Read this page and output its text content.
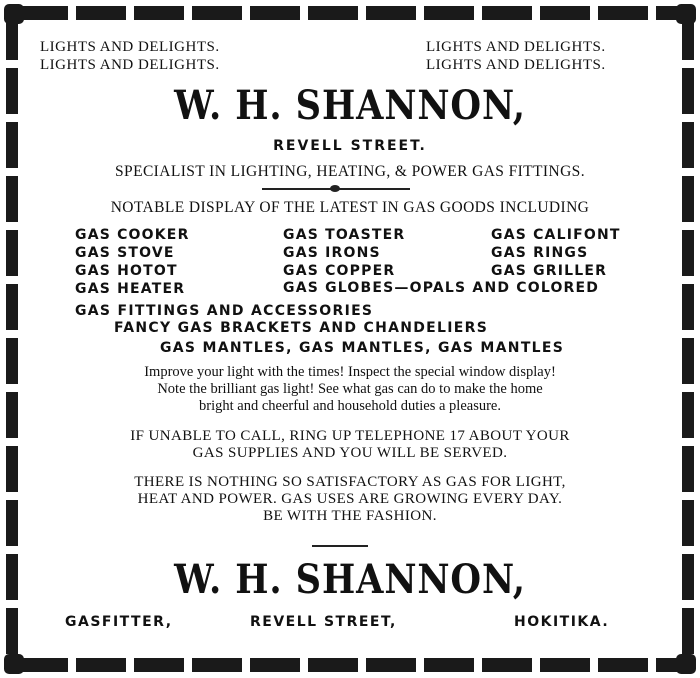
LIGHTS AND DELIGHTS.
LIGHTS AND DELIGHTS.
LIGHTS AND DELIGHTS.
LIGHTS AND DELIGHTS.
W. H. SHANNON,
REVELL STREET.
SPECIALIST IN LIGHTING, HEATING, & POWER GAS FITTINGS.
NOTABLE DISPLAY OF THE LATEST IN GAS GOODS INCLUDING
GAS COOKER
GAS STOVE
GAS HOTOT
GAS HEATER
GAS TOASTER
GAS IRONS
GAS COPPER
GAS CALIFONT
GAS RINGS
GAS GRILLER
GAS GLOBES—OPALS AND COLORED
GAS FITTINGS AND ACCESSORIES
FANCY GAS BRACKETS AND CHANDELIERS
GAS MANTLES, GAS MANTLES, GAS MANTLES
Improve your light with the times! Inspect the special window display!
Note the brilliant gas light! See what gas can do to make the home
bright and cheerful and household duties a pleasure.
IF UNABLE TO CALL, RING UP TELEPHONE 17 ABOUT YOUR
GAS SUPPLIES AND YOU WILL BE SERVED.
THERE IS NOTHING SO SATISFACTORY AS GAS FOR LIGHT,
HEAT AND POWER. GAS USES ARE GROWING EVERY DAY.
BE WITH THE FASHION.
W. H. SHANNON,
GASFITTER,	REVELL STREET,	HOKITIKA.
